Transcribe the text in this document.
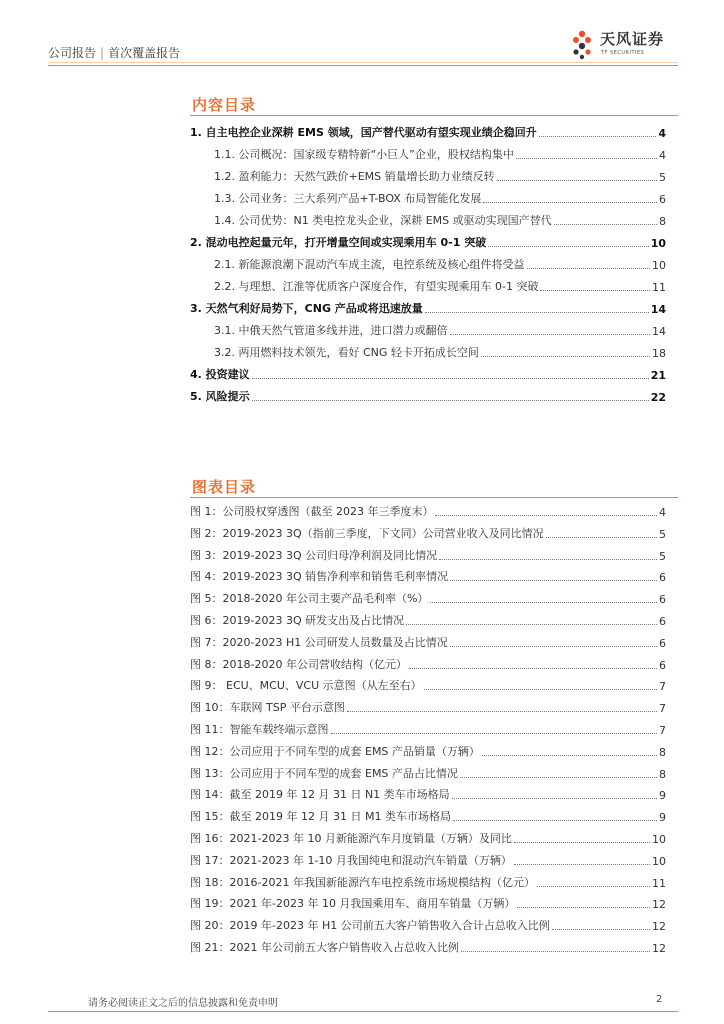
公司报告 | 首次覆盖报告
天风证券
TF SECURITIES
内容目录
1. 自主电控企业深耕 EMS 领域，国产替代驱动有望实现业绩企稳回升	4
1.1. 公司概况：国家级专精特新“小巨人”企业，股权结构集中	4
1.2. 盈利能力：天然气跌价+EMS 销量增长助力业绩反转	5
1.3. 公司业务：三大系列产品+T-BOX 布局智能化发展	6
1.4. 公司优势：N1 类电控龙头企业，深耕 EMS 或驱动实现国产替代	8
2. 混动电控起量元年，打开增量空间或实现乘用车 0-1 突破	10
2.1. 新能源浪潮下混动汽车成主流，电控系统及核心组件将受益	10
2.2. 与理想、江淮等优质客户深度合作，有望实现乘用车 0-1 突破	11
3. 天然气利好局势下，CNG 产品或将迅速放量	14
3.1. 中俄天然气管道多线并进，进口潜力或翻倍	14
3.2. 两用燃料技术领先，看好 CNG 轻卡开拓成长空间	18
4. 投资建议	21
5. 风险提示	22
图表目录
图 1：公司股权穿透图（截至 2023 年三季度末）	4
图 2：2019-2023 3Q（指前三季度，下文同）公司营业收入及同比情况	5
图 3：2019-2023 3Q 公司归母净利润及同比情况	5
图 4：2019-2023 3Q 销售净利率和销售毛利率情况	6
图 5：2018-2020 年公司主要产品毛利率（%）	6
图 6：2019-2023 3Q 研发支出及占比情况	6
图 7：2020-2023 H1 公司研发人员数量及占比情况	6
图 8：2018-2020 年公司营收结构（亿元）	6
图 9： ECU、MCU、VCU 示意图（从左至右）	7
图 10：车联网 TSP 平台示意图	7
图 11：智能车载终端示意图	7
图 12：公司应用于不同车型的成套 EMS 产品销量（万辆）	8
图 13：公司应用于不同车型的成套 EMS 产品占比情况	8
图 14：截至 2019 年 12 月 31 日 N1 类车市场格局	9
图 15：截至 2019 年 12 月 31 日 M1 类车市场格局	9
图 16：2021-2023 年 10 月新能源汽车月度销量（万辆）及同比	10
图 17：2021-2023 年 1-10 月我国纯电和混动汽车销量（万辆）	10
图 18：2016-2021 年我国新能源汽车电控系统市场规模结构（亿元）	11
图 19：2021 年-2023 年 10 月我国乘用车、商用车销量（万辆）	12
图 20：2019 年-2023 年 H1 公司前五大客户销售收入合计占总收入比例	12
图 21：2021 年公司前五大客户销售收入占总收入比例	12
请务必阅读正文之后的信息披露和免责申明	2
